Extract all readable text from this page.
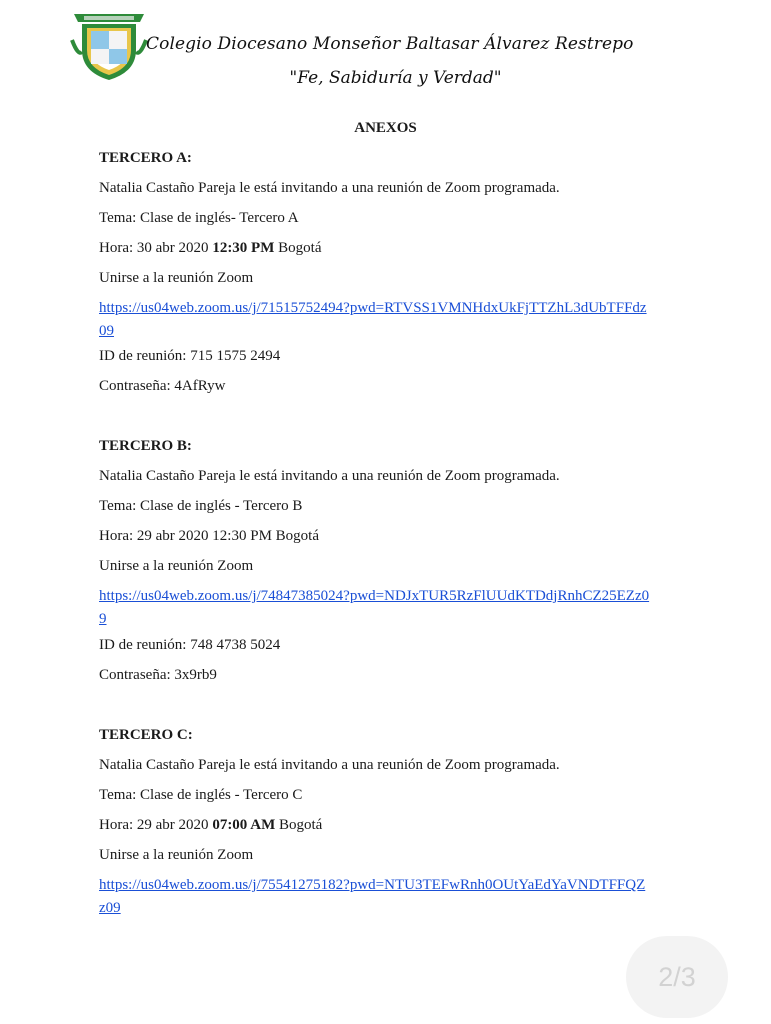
Colegio Diocesano Monseñor Baltasar Álvarez Restrepo
"Fe, Sabiduría y Verdad"
ANEXOS
TERCERO A:
Natalia Castaño Pareja le está invitando a una reunión de Zoom programada.
Tema: Clase de inglés- Tercero A
Hora: 30 abr 2020 12:30 PM Bogotá
Unirse a la reunión Zoom
https://us04web.zoom.us/j/71515752494?pwd=RTVSS1VMNHdxUkFjTTZhL3dUbTFFdz
09
ID de reunión: 715 1575 2494
Contraseña: 4AfRyw
TERCERO B:
Natalia Castaño Pareja le está invitando a una reunión de Zoom programada.
Tema: Clase de inglés - Tercero B
Hora: 29 abr 2020 12:30 PM Bogotá
Unirse a la reunión Zoom
https://us04web.zoom.us/j/74847385024?pwd=NDJxTUR5RzFlUUdKTDdjRnhCZ25EZz0
9
ID de reunión: 748 4738 5024
Contraseña: 3x9rb9
TERCERO C:
Natalia Castaño Pareja le está invitando a una reunión de Zoom programada.
Tema: Clase de inglés - Tercero C
Hora: 29 abr 2020 07:00 AM Bogotá
Unirse a la reunión Zoom
https://us04web.zoom.us/j/75541275182?pwd=NTU3TEFwRnh0OUtYaEdYaVNDTFFQZ
z09
2/3
